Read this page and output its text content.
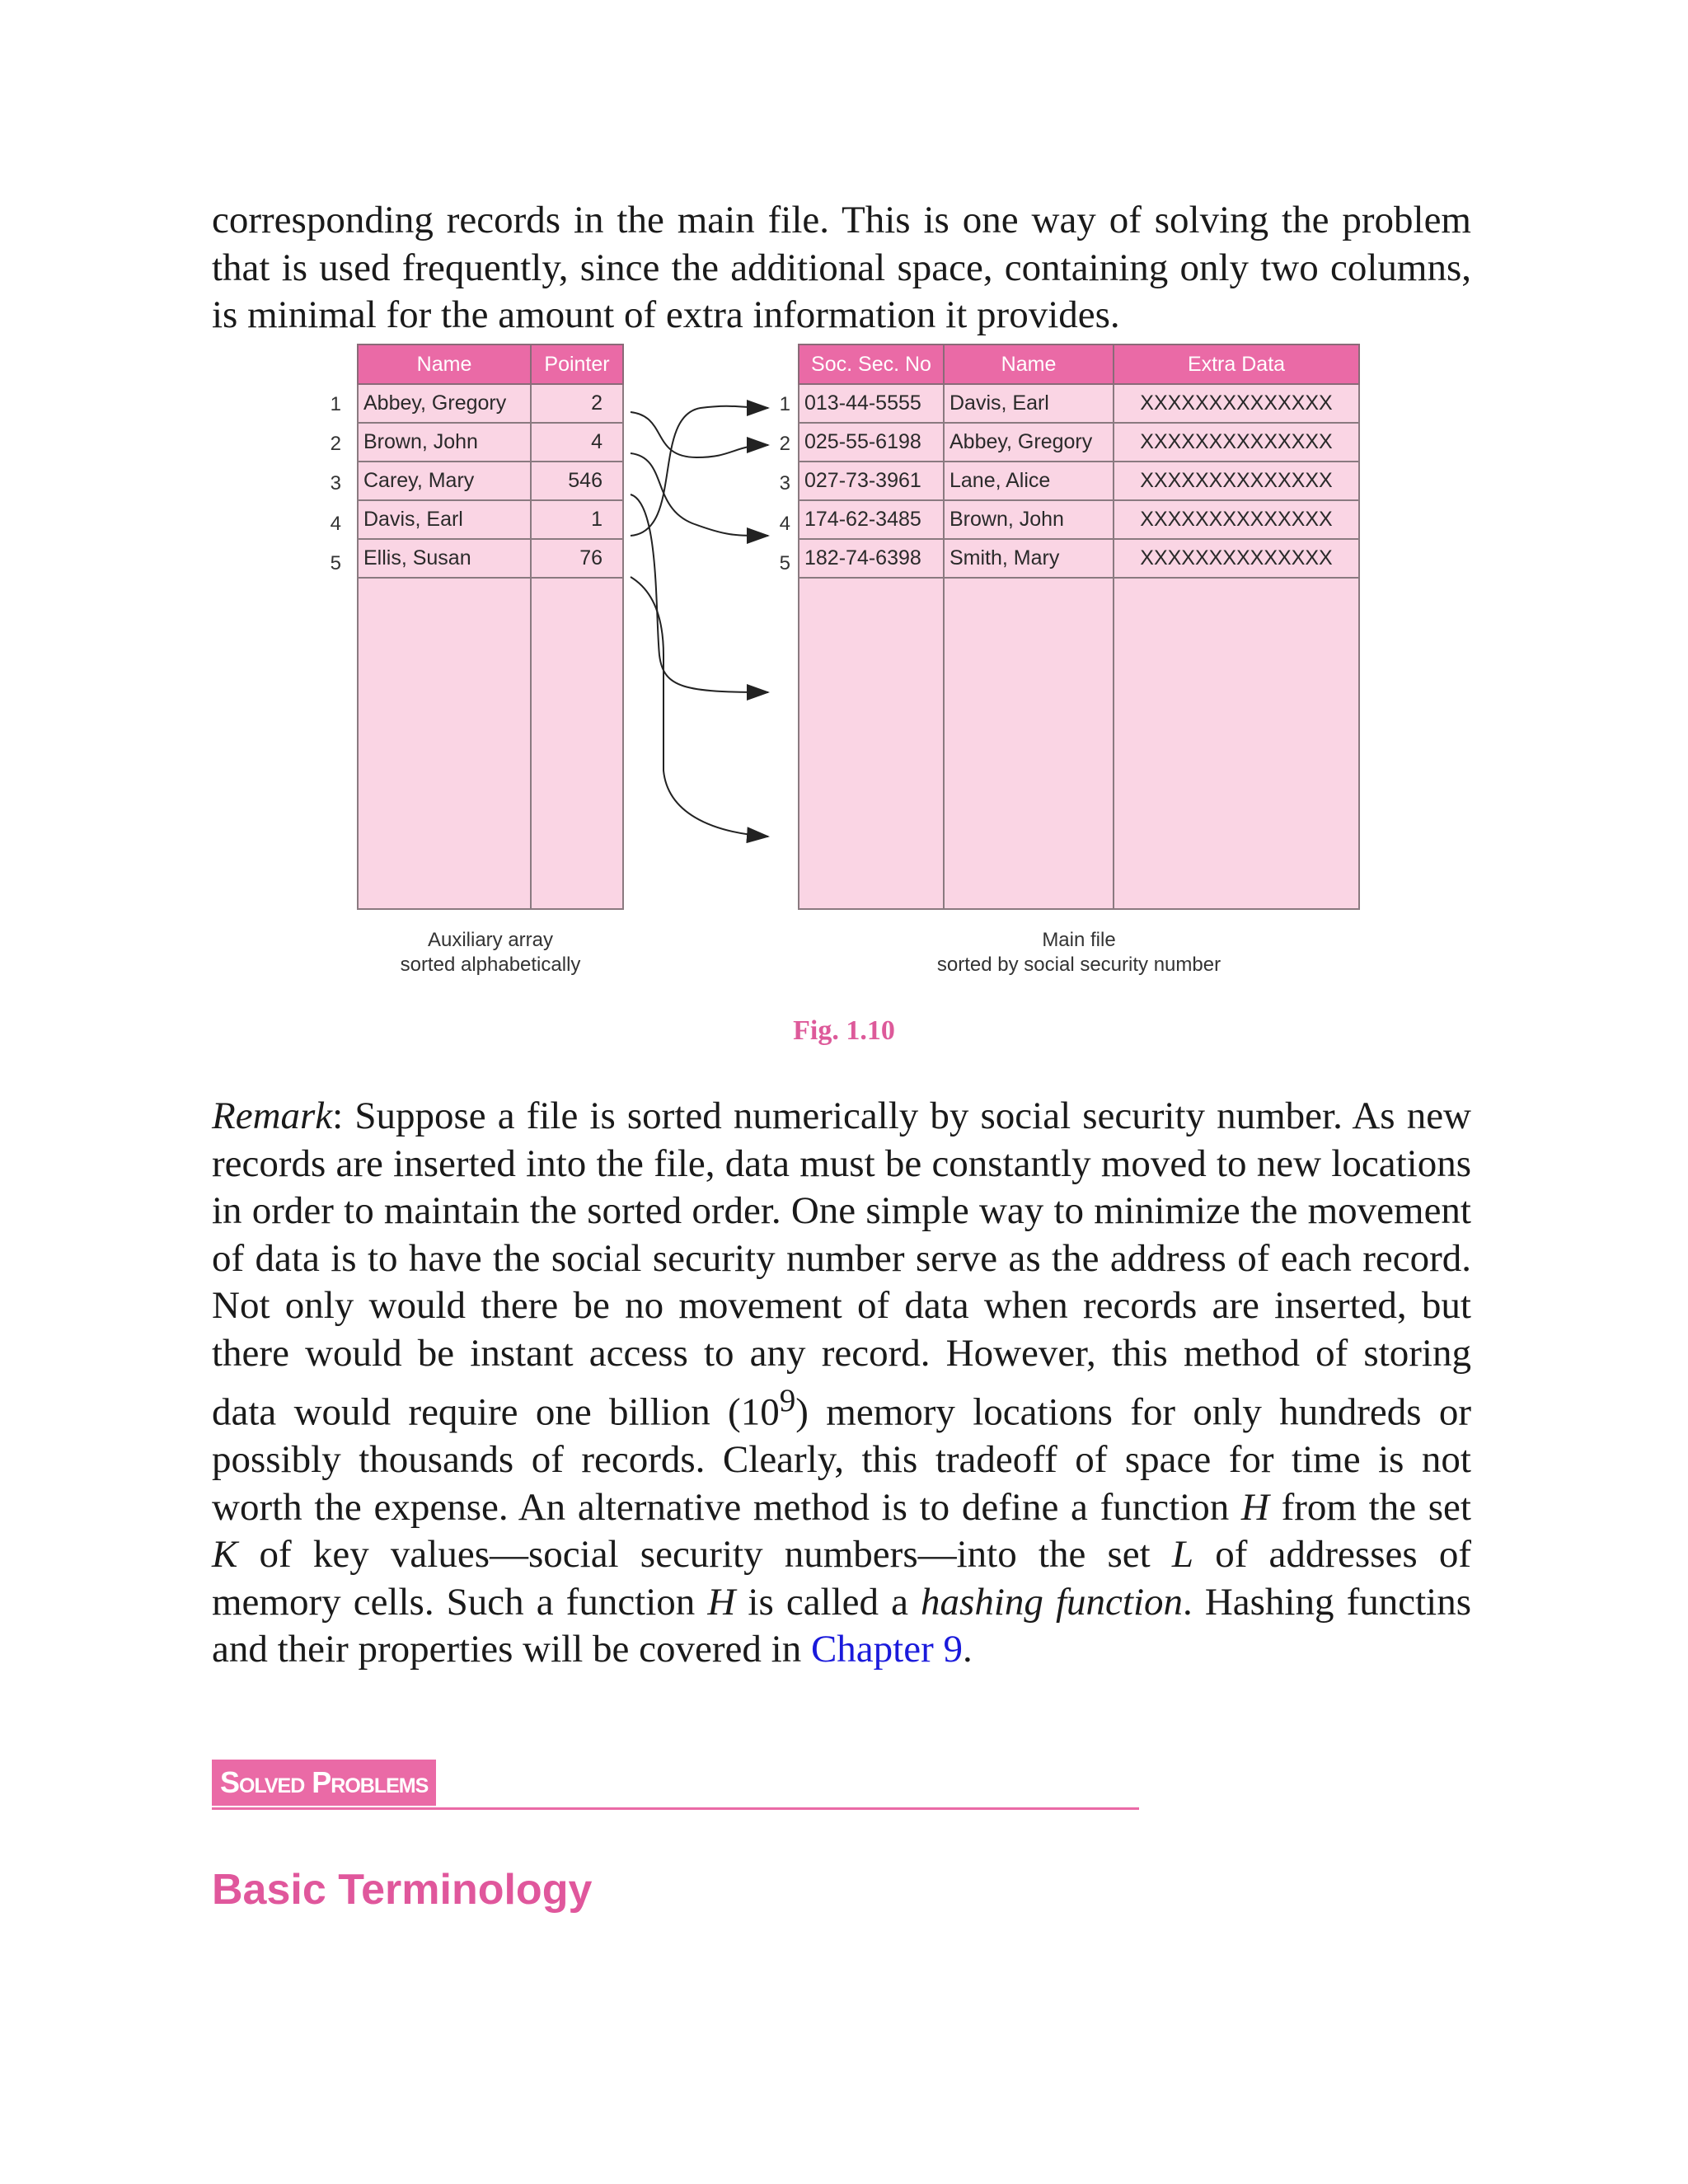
corresponding records in the main file. This is one way of solving the problem that is used frequently, since the additional space, containing only two columns, is minimal for the amount of extra information it provides.

1
2
3
4
5
Name	Pointer
Abbey, Gregory	2
Brown, John	4
Carey, Mary	546
Davis, Earl	1
Ellis, Susan	76

1
2
3
4
5
Soc. Sec. No	Name	Extra Data
013-44-5555	Davis, Earl	XXXXXXXXXXXXXX
025-55-6198	Abbey, Gregory	XXXXXXXXXXXXXX
027-73-3961	Lane, Alice	XXXXXXXXXXXXXX
174-62-3485	Brown, John	XXXXXXXXXXXXXX
182-74-6398	Smith, Mary	XXXXXXXXXXXXXX

Auxiliary array
sorted alphabetically
Main file
sorted by social security number
Fig. 1.10

Remark: Suppose a file is sorted numerically by social security number. As new records are inserted into the file, data must be constantly moved to new locations in order to maintain the sorted order. One simple way to minimize the movement of data is to have the social security number serve as the address of each record. Not only would there be no movement of data when records are inserted, but there would be instant access to any record. However, this method of storing data would require one billion $(10^9)$ memory locations for only hundreds or possibly thousands of records. Clearly, this tradeoff of space for time is not worth the expense. An alternative method is to define a function H from the set K of key values—social security numbers—into the set L of addresses of memory cells. Such a function H is called a hashing function. Hashing functins and their properties will be covered in Chapter 9.

Solved Problems
Basic Terminology
